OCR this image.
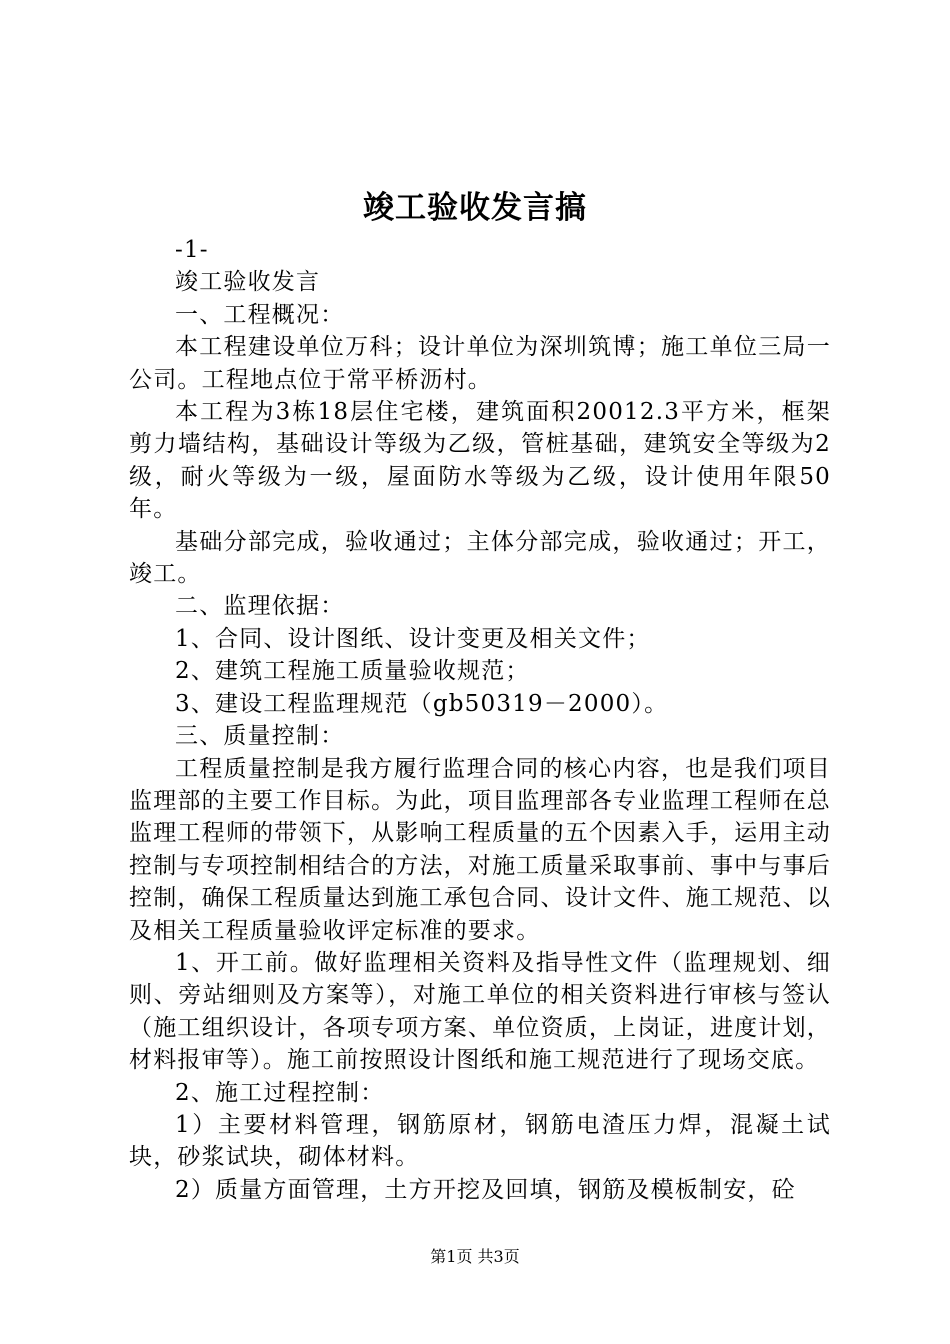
竣工验收发言搞

-1-

竣工验收发言

一、工程概况：

本工程建设单位万科；设计单位为深圳筑博；施工单位三局一公司。工程地点位于常平桥沥村。

本工程为3栋18层住宅楼，建筑面积20012.3平方米，框架剪力墙结构，基础设计等级为乙级，管桩基础，建筑安全等级为2级，耐火等级为一级，屋面防水等级为乙级，设计使用年限50年。

基础分部完成，验收通过；主体分部完成，验收通过；开工，竣工。

二、监理依据：

1、合同、设计图纸、设计变更及相关文件；

2、建筑工程施工质量验收规范；

3、建设工程监理规范（gb50319－2000）。

三、质量控制：

工程质量控制是我方履行监理合同的核心内容，也是我们项目监理部的主要工作目标。为此，项目监理部各专业监理工程师在总监理工程师的带领下，从影响工程质量的五个因素入手，运用主动控制与专项控制相结合的方法，对施工质量采取事前、事中与事后控制，确保工程质量达到施工承包合同、设计文件、施工规范、以及相关工程质量验收评定标准的要求。

1、开工前。做好监理相关资料及指导性文件（监理规划、细则、旁站细则及方案等），对施工单位的相关资料进行审核与签认（施工组织设计，各项专项方案、单位资质，上岗证，进度计划，材料报审等）。施工前按照设计图纸和施工规范进行了现场交底。

2、施工过程控制：

1）主要材料管理，钢筋原材，钢筋电渣压力焊，混凝土试块，砂浆试块，砌体材料。

2）质量方面管理，土方开挖及回填，钢筋及模板制安，砼

第1页 共3页
